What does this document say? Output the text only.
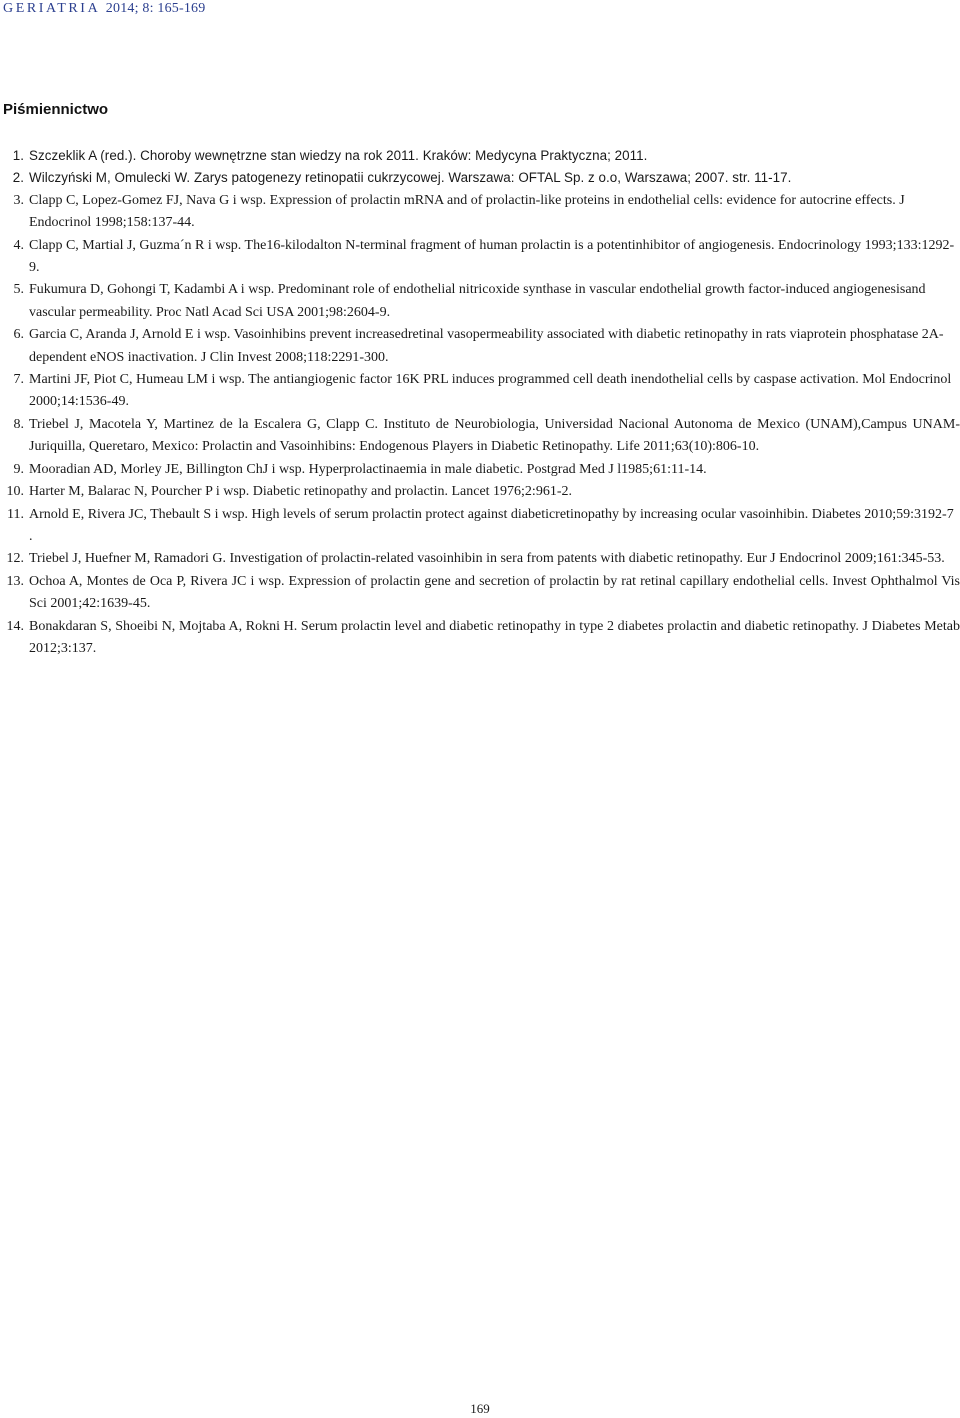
GERIATRIA 2014; 8: 165-169
Piśmiennictwo
1. Szczeklik A (red.). Choroby wewnętrzne stan wiedzy na rok 2011. Kraków: Medycyna Praktyczna; 2011.
2. Wilczyński M, Omulecki W. Zarys patogenezy retinopatii cukrzycowej. Warszawa: OFTAL Sp. z o.o, Warszawa; 2007. str. 11-17.
3. Clapp C, Lopez-Gomez FJ, Nava G i wsp. Expression of prolactin mRNA and of prolactin-like proteins in endothelial cells: evidence for autocrine effects. J Endocrinol 1998;158:137-44.
4. Clapp C, Martial J, Guzma´n R i wsp. The16-kilodalton N-terminal fragment of human prolactin is a potentinhibitor of angiogenesis. Endocrinology 1993;133:1292-9.
5. Fukumura D, Gohongi T, Kadambi A i wsp. Predominant role of endothelial nitricoxide synthase in vascular endothelial growth factor-induced angiogenesisand vascular permeability. Proc Natl Acad Sci USA 2001;98:2604-9.
6. Garcia C, Aranda J, Arnold E i wsp. Vasoinhibins prevent increasedretinal vasopermeability associated with diabetic retinopathy in rats viaprotein phosphatase 2A-dependent eNOS inactivation. J Clin Invest 2008;118:2291-300.
7. Martini JF, Piot C, Humeau LM i wsp. The antiangiogenic factor 16K PRL induces programmed cell death inendothelial cells by caspase activation. Mol Endocrinol 2000;14:1536-49.
8. Triebel J, Macotela Y, Martinez de la Escalera G, Clapp C. Instituto de Neurobiologia, Universidad Nacional Autonoma de Mexico (UNAM),Campus UNAM-Juriquilla, Queretaro, Mexico: Prolactin and Vasoinhibins: Endogenous Players in Diabetic Retinopathy. Life 2011;63(10):806-10.
9. Mooradian AD, Morley JE, Billington ChJ i wsp. Hyperprolactinaemia in male diabetic. Postgrad Med J l1985;61:11-14.
10. Harter M, Balarac N, Pourcher P i wsp. Diabetic retinopathy and prolactin. Lancet 1976;2:961-2.
11. Arnold E, Rivera JC, Thebault S i wsp. High levels of serum prolactin protect against diabeticretinopathy by increasing ocular vasoinhibin. Diabetes 2010;59:3192-7 .
12. Triebel J, Huefner M, Ramadori G. Investigation of prolactin-related vasoinhibin in sera from patents with diabetic retinopathy. Eur J Endocrinol 2009;161:345-53.
13. Ochoa A, Montes de Oca P, Rivera JC i wsp. Expression of prolactin gene and secretion of prolactin by rat retinal capillary endothelial cells. Invest Ophthalmol Vis Sci 2001;42:1639-45.
14. Bonakdaran S, Shoeibi N, Mojtaba A, Rokni H. Serum prolactin level and diabetic retinopathy in type 2 diabetes prolactin and diabetic retinopathy. J Diabetes Metab 2012;3:137.
169
